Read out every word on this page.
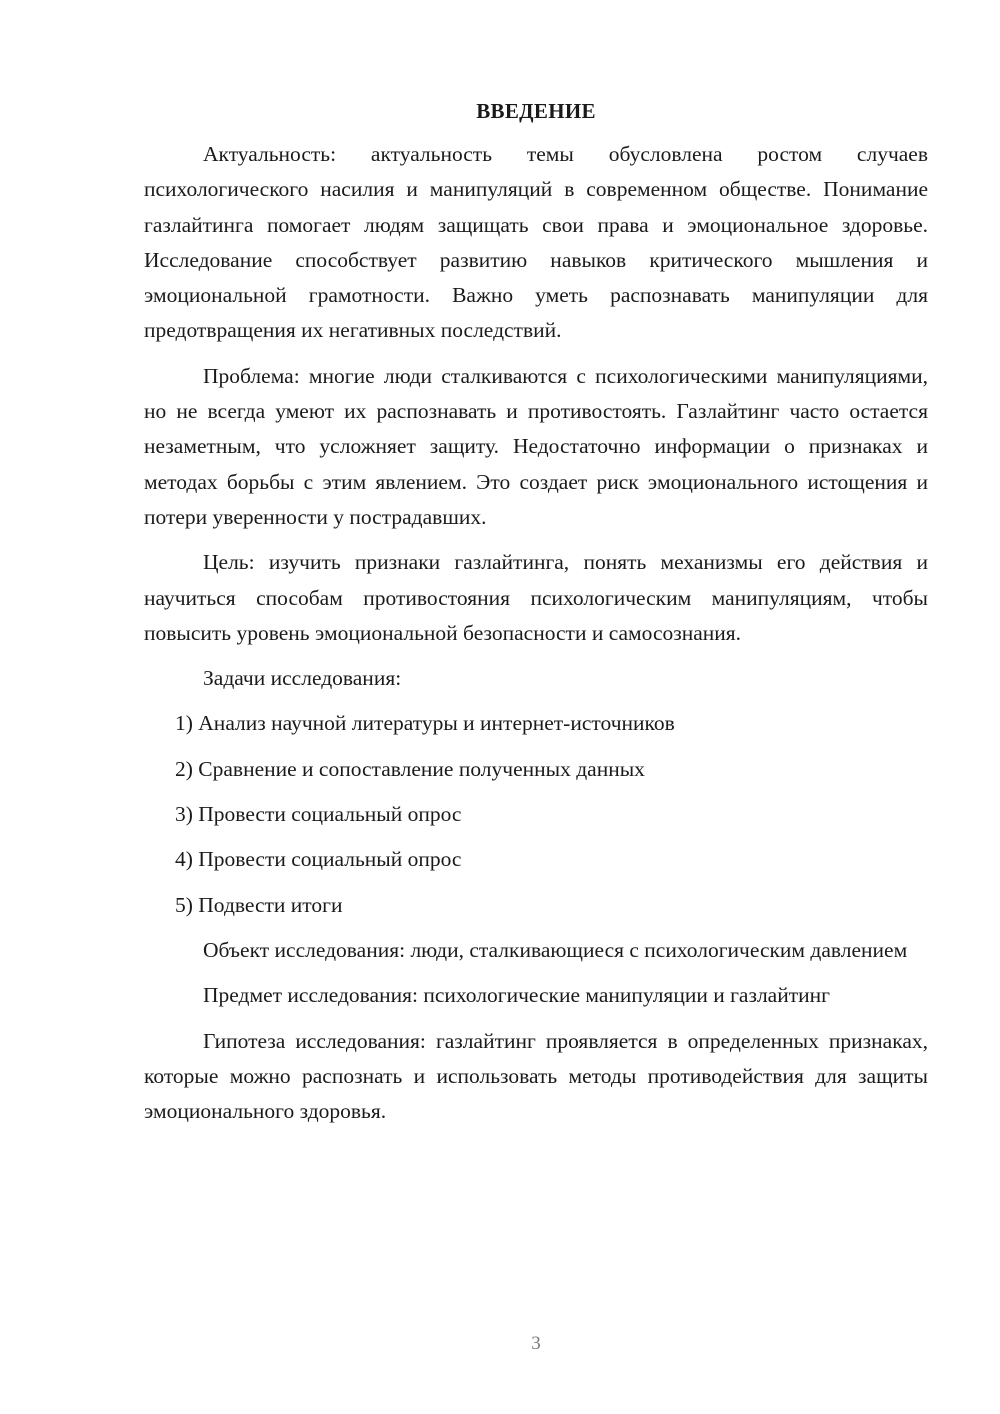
ВВЕДЕНИЕ

Актуальность: актуальность темы обусловлена ростом случаев психологического насилия и манипуляций в современном обществе. Понимание газлайтинга помогает людям защищать свои права и эмоциональное здоровье. Исследование способствует развитию навыков критического мышления и эмоциональной грамотности. Важно уметь распознавать манипуляции для предотвращения их негативных последствий.

Проблема: многие люди сталкиваются с психологическими манипуляциями, но не всегда умеют их распознавать и противостоять. Газлайтинг часто остается незаметным, что усложняет защиту. Недостаточно информации о признаках и методах борьбы с этим явлением. Это создает риск эмоционального истощения и потери уверенности у пострадавших.

Цель: изучить признаки газлайтинга, понять механизмы его действия и научиться способам противостояния психологическим манипуляциям, чтобы повысить уровень эмоциональной безопасности и самосознания.

Задачи исследования:

1) Анализ научной литературы и интернет-источников

2) Сравнение и сопоставление полученных данных

3) Провести социальный опрос

4) Провести социальный опрос

5) Подвести итоги

Объект исследования: люди, сталкивающиеся с психологическим давлением

Предмет исследования: психологические манипуляции и газлайтинг

Гипотеза исследования: газлайтинг проявляется в определенных признаках, которые можно распознать и использовать методы противодействия для защиты эмоционального здоровья.

3
